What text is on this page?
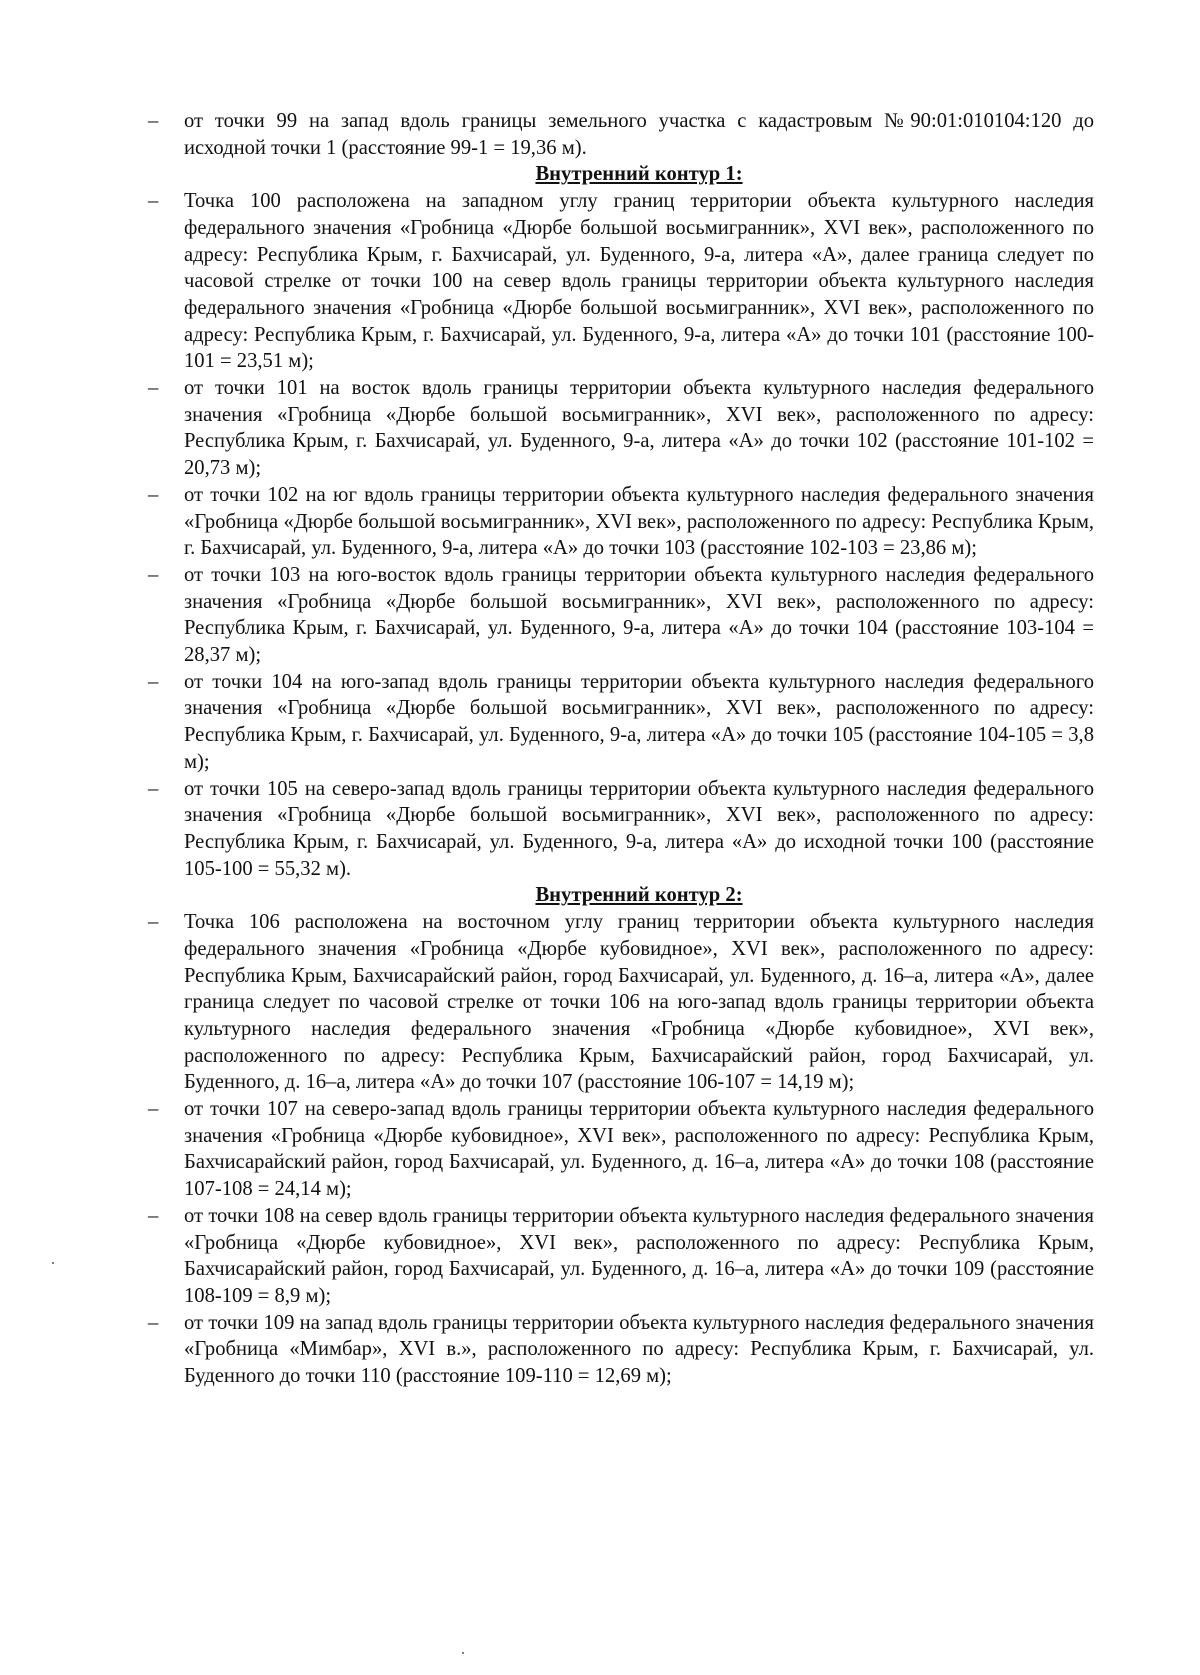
–	от точки 99 на запад вдоль границы земельного участка с кадастровым №90:01:010104:120 до исходной точки 1 (расстояние 99-1 = 19,36 м).
Внутренний контур 1:
–	Точка 100 расположена на западном углу границ территории объекта культурного наследия федерального значения «Гробница «Дюрбе большой восьмигранник», XVI век», расположенного по адресу: Республика Крым, г. Бахчисарай, ул. Буденного, 9-а, литера «А», далее граница следует по часовой стрелке от точки 100 на север вдоль границы территории объекта культурного наследия федерального значения «Гробница «Дюрбе большой восьмигранник», XVI век», расположенного по адресу: Республика Крым, г. Бахчисарай, ул. Буденного, 9-а, литера «А» до точки 101 (расстояние 100-101 = 23,51 м);
–	от точки 101 на восток вдоль границы территории объекта культурного наследия федерального значения «Гробница «Дюрбе большой восьмигранник», XVI век», расположенного по адресу: Республика Крым, г. Бахчисарай, ул. Буденного, 9-а, литера «А» до точки 102 (расстояние 101-102 = 20,73 м);
–	от точки 102 на юг вдоль границы территории объекта культурного наследия федерального значения «Гробница «Дюрбе большой восьмигранник», XVI век», расположенного по адресу: Республика Крым, г. Бахчисарай, ул. Буденного, 9-а, литера «А» до точки 103 (расстояние 102-103 = 23,86 м);
–	от точки 103 на юго-восток вдоль границы территории объекта культурного наследия федерального значения «Гробница «Дюрбе большой восьмигранник», XVI век», расположенного по адресу: Республика Крым, г. Бахчисарай, ул. Буденного, 9-а, литера «А» до точки 104 (расстояние 103-104 = 28,37 м);
–	от точки 104 на юго-запад вдоль границы территории объекта культурного наследия федерального значения «Гробница «Дюрбе большой восьмигранник», XVI век», расположенного по адресу: Республика Крым, г. Бахчисарай, ул. Буденного, 9-а, литера «А» до точки 105 (расстояние 104-105 = 3,8 м);
–	от точки 105 на северо-запад вдоль границы территории объекта культурного наследия федерального значения «Гробница «Дюрбе большой восьмигранник», XVI век», расположенного по адресу: Республика Крым, г. Бахчисарай, ул. Буденного, 9-а, литера «А» до исходной точки 100 (расстояние 105-100 = 55,32 м).
Внутренний контур 2:
–	Точка 106 расположена на восточном углу границ территории объекта культурного наследия федерального значения «Гробница «Дюрбе кубовидное», XVI век», расположенного по адресу: Республика Крым, Бахчисарайский район, город Бахчисарай, ул. Буденного, д. 16–а, литера «А», далее граница следует по часовой стрелке от точки 106 на юго-запад вдоль границы территории объекта культурного наследия федерального значения «Гробница «Дюрбе кубовидное», XVI век», расположенного по адресу: Республика Крым, Бахчисарайский район, город Бахчисарай, ул. Буденного, д. 16–а, литера «А» до точки 107 (расстояние 106-107 = 14,19 м);
–	от точки 107 на северо-запад вдоль границы территории объекта культурного наследия федерального значения «Гробница «Дюрбе кубовидное», XVI век», расположенного по адресу: Республика Крым, Бахчисарайский район, город Бахчисарай, ул. Буденного, д. 16–а, литера «А» до точки 108 (расстояние 107-108 = 24,14 м);
–	от точки 108 на север вдоль границы территории объекта культурного наследия федерального значения «Гробница «Дюрбе кубовидное», XVI век», расположенного по адресу: Республика Крым, Бахчисарайский район, город Бахчисарай, ул. Буденного, д. 16–а, литера «А» до точки 109 (расстояние 108-109 = 8,9 м);
–	от точки 109 на запад вдоль границы территории объекта культурного наследия федерального значения «Гробница «Мимбар», XVI в.», расположенного по адресу: Республика Крым, г. Бахчисарай, ул. Буденного до точки 110 (расстояние 109-110 = 12,69 м);
